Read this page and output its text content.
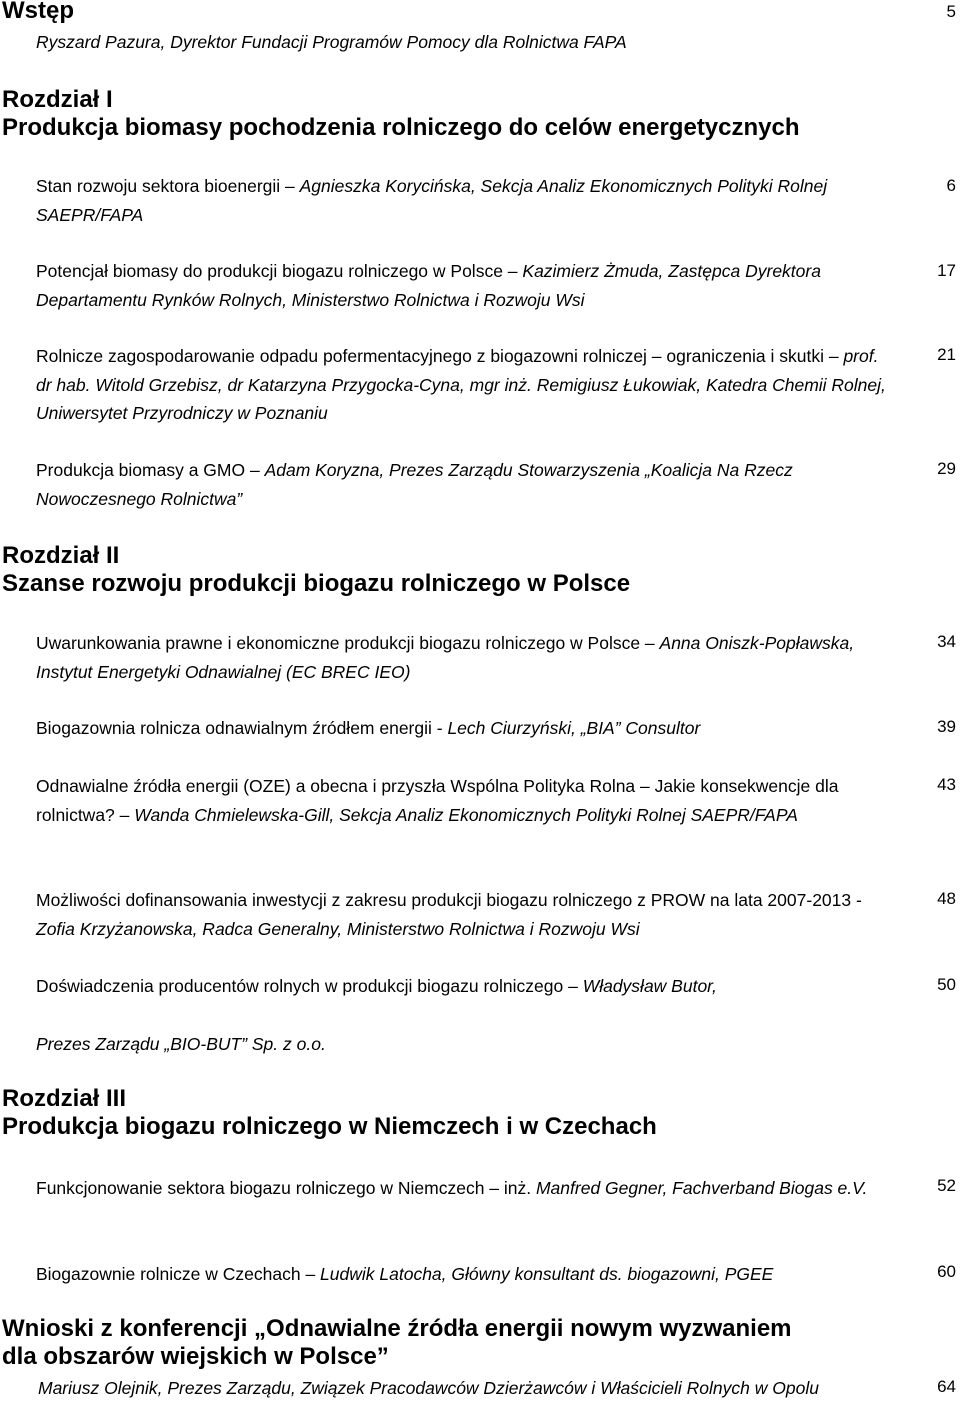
Wstęp
Ryszard Pazura, Dyrektor Fundacji Programów Pomocy dla Rolnictwa FAPA
5
Rozdział I
Produkcja biomasy pochodzenia rolniczego do celów energetycznych
Stan rozwoju sektora bioenergii – Agnieszka Korycińska, Sekcja Analiz Ekonomicznych Polityki Rolnej SAEPR/FAPA
6
Potencjał biomasy do produkcji biogazu rolniczego w Polsce – Kazimierz Żmuda, Zastępca Dyrektora Departamentu Rynków Rolnych, Ministerstwo Rolnictwa i Rozwoju Wsi
17
Rolnicze zagospodarowanie odpadu pofermentacyjnego z biogazowni rolniczej – ograniczenia i skutki – prof. dr hab. Witold Grzebisz, dr Katarzyna Przygocka-Cyna, mgr inż. Remigiusz Łukowiak, Katedra Chemii Rolnej, Uniwersytet Przyrodniczy w Poznaniu
21
Produkcja biomasy a GMO – Adam Koryzna, Prezes Zarządu Stowarzyszenia „Koalicja Na Rzecz Nowoczesnego Rolnictwa”
29
Rozdział II
Szanse rozwoju produkcji biogazu rolniczego w Polsce
Uwarunkowania prawne i ekonomiczne produkcji biogazu rolniczego w Polsce – Anna Oniszk-Popławska, Instytut Energetyki Odnawialnej (EC BREC IEO)
34
Biogazownia rolnicza odnawialnym źródłem energii - Lech Ciurzyński, „BIA” Consultor	39
Odnawialne źródła energii (OZE) a obecna i przyszła Wspólna Polityka Rolna – Jakie konsekwencje dla rolnictwa? – Wanda Chmielewska-Gill, Sekcja Analiz Ekonomicznych Polityki Rolnej SAEPR/FAPA
43
Możliwości dofinansowania inwestycji z zakresu produkcji biogazu rolniczego z PROW na lata 2007-2013 - Zofia Krzyżanowska, Radca Generalny, Ministerstwo Rolnictwa i Rozwoju Wsi
48
Doświadczenia producentów rolnych w produkcji biogazu rolniczego – Władysław Butor,	50
Prezes Zarządu „BIO-BUT” Sp. z o.o.
Rozdział III
Produkcja biogazu rolniczego w Niemczech i w Czechach
Funkcjonowanie sektora biogazu rolniczego w Niemczech – inż. Manfred Gegner, Fachverband Biogas e.V.	52
Biogazownie rolnicze w Czechach – Ludwik Latocha, Główny konsultant ds. biogazowni, PGEE	60
Wnioski z konferencji „Odnawialne źródła energii nowym wyzwaniem
dla obszarów wiejskich w Polsce”
Mariusz Olejnik, Prezes Zarządu, Związek Pracodawców Dzierżawców i Właścicieli Rolnych w Opolu	64
